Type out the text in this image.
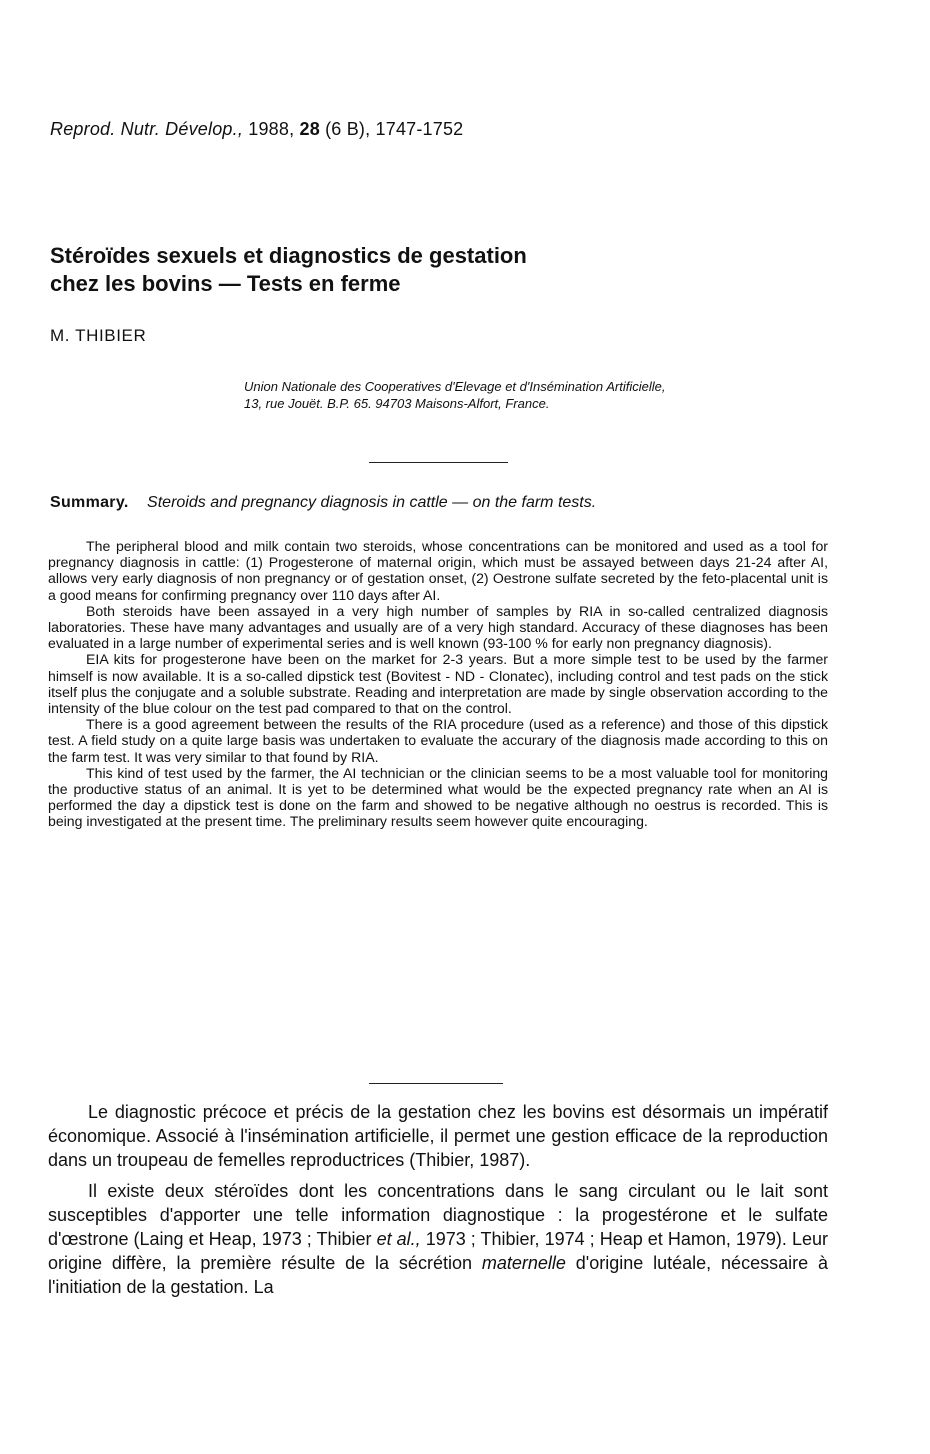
Reprod. Nutr. Dévelop., 1988, 28 (6 B), 1747-1752
Stéroïdes sexuels et diagnostics de gestation
chez les bovins — Tests en ferme
M. THIBIER
Union Nationale des Cooperatives d'Elevage et d'Insémination Artificielle,
13, rue Jouët. B.P. 65. 94703 Maisons-Alfort, France.
Summary. Steroids and pregnancy diagnosis in cattle — on the farm tests.

The peripheral blood and milk contain two steroids, whose concentrations can be monitored and used as a tool for pregnancy diagnosis in cattle: (1) Progesterone of maternal origin, which must be assayed between days 21-24 after AI, allows very early diagnosis of non pregnancy or of gestation onset, (2) Oestrone sulfate secreted by the feto-placental unit is a good means for confirming pregnancy over 110 days after AI.

Both steroids have been assayed in a very high number of samples by RIA in so-called centralized diagnosis laboratories. These have many advantages and usually are of a very high standard. Accuracy of these diagnoses has been evaluated in a large number of experimental series and is well known (93-100 % for early non pregnancy diagnosis).

EIA kits for progesterone have been on the market for 2-3 years. But a more simple test to be used by the farmer himself is now available. It is a so-called dipstick test (Bovitest - ND - Clonatec), including control and test pads on the stick itself plus the conjugate and a soluble substrate. Reading and interpretation are made by single observation according to the intensity of the blue colour on the test pad compared to that on the control.

There is a good agreement between the results of the RIA procedure (used as a reference) and those of this dipstick test. A field study on a quite large basis was undertaken to evaluate the accurary of the diagnosis made according to this on the farm test. It was very similar to that found by RIA.

This kind of test used by the farmer, the AI technician or the clinician seems to be a most valuable tool for monitoring the productive status of an animal. It is yet to be determined what would be the expected pregnancy rate when an AI is performed the day a dipstick test is done on the farm and showed to be negative although no oestrus is recorded. This is being investigated at the present time. The preliminary results seem however quite encouraging.

Le diagnostic précoce et précis de la gestation chez les bovins est désormais un impératif économique. Associé à l'insémination artificielle, il permet une gestion efficace de la reproduction dans un troupeau de femelles reproductrices (Thibier, 1987).

Il existe deux stéroïdes dont les concentrations dans le sang circulant ou le lait sont susceptibles d'apporter une telle information diagnostique : la progestérone et le sulfate d'œstrone (Laing et Heap, 1973 ; Thibier et al., 1973 ; Thibier, 1974 ; Heap et Hamon, 1979). Leur origine diffère, la première résulte de la sécrétion maternelle d'origine lutéale, nécessaire à l'initiation de la gestation. La
